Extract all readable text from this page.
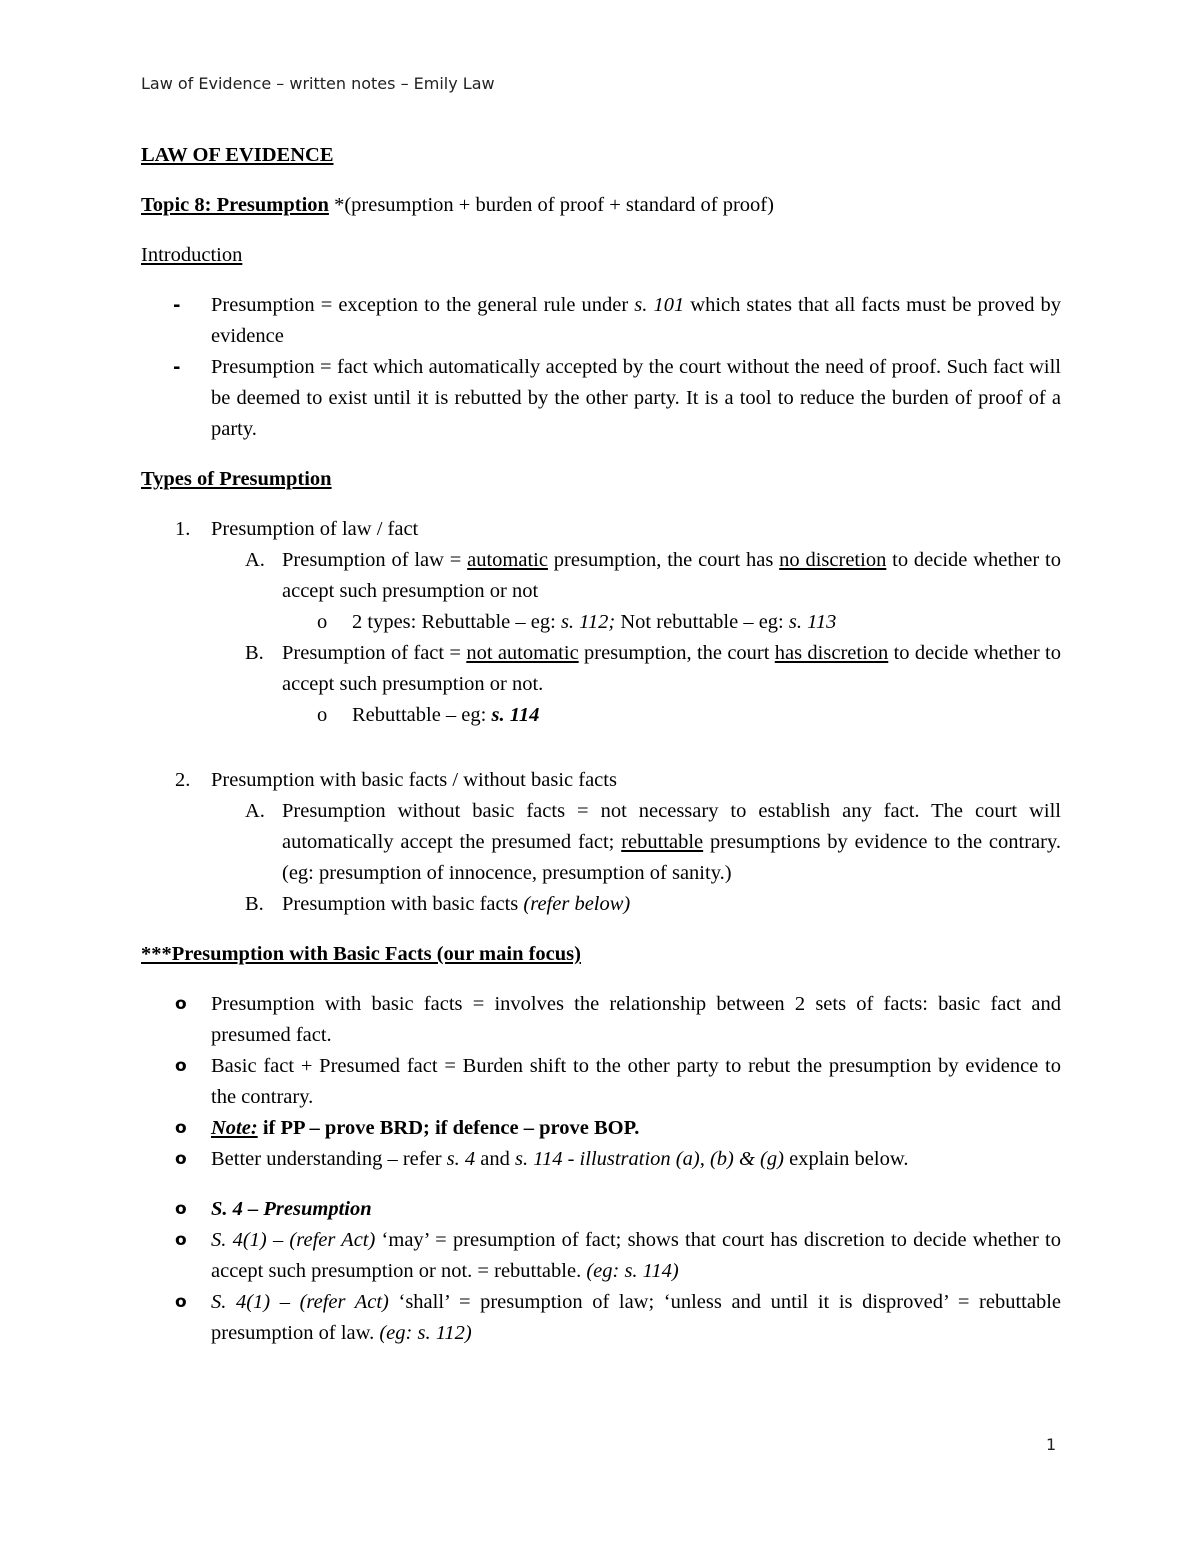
Law of Evidence – written notes – Emily Law

LAW OF EVIDENCE

Topic 8: Presumption *(presumption + burden of proof + standard of proof)

Introduction

- Presumption = exception to the general rule under s. 101 which states that all facts must be proved by evidence
- Presumption = fact which automatically accepted by the court without the need of proof. Such fact will be deemed to exist until it is rebutted by the other party. It is a tool to reduce the burden of proof of a party.

Types of Presumption

1. Presumption of law / fact
A. Presumption of law = automatic presumption, the court has no discretion to decide whether to accept such presumption or not
o 2 types: Rebuttable – eg: s. 112; Not rebuttable – eg: s. 113
B. Presumption of fact = not automatic presumption, the court has discretion to decide whether to accept such presumption or not.
o Rebuttable – eg: s. 114
2. Presumption with basic facts / without basic facts
A. Presumption without basic facts = not necessary to establish any fact. The court will automatically accept the presumed fact; rebuttable presumptions by evidence to the contrary. (eg: presumption of innocence, presumption of sanity.)
B. Presumption with basic facts (refer below)

***Presumption with Basic Facts (our main focus)

o Presumption with basic facts = involves the relationship between 2 sets of facts: basic fact and presumed fact.
o Basic fact + Presumed fact = Burden shift to the other party to rebut the presumption by evidence to the contrary.
o Note: if PP – prove BRD; if defence – prove BOP.
o Better understanding – refer s. 4 and s. 114 - illustration (a), (b) & (g) explain below.
o S. 4 – Presumption
o S. 4(1) – (refer Act) ‘may’ = presumption of fact; shows that court has discretion to decide whether to accept such presumption or not. = rebuttable. (eg: s. 114)
o S. 4(1) – (refer Act) ‘shall’ = presumption of law; ‘unless and until it is disproved’ = rebuttable presumption of law. (eg: s. 112)
1
